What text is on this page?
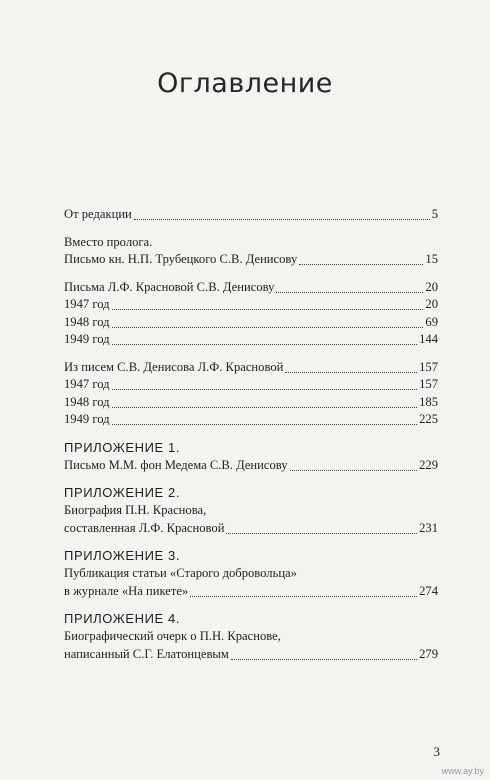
Оглавление
От редакции	5
Вместо пролога.
Письмо кн. Н.П. Трубецкого С.В. Денисову	15
Письма Л.Ф. Красновой С.В. Денисову	20
1947 год	20
1948 год	69
1949 год	144
Из писем С.В. Денисова Л.Ф. Красновой	157
1947 год	157
1948 год	185
1949 год	225
ПРИЛОЖЕНИЕ 1.
Письмо М.М. фон Медема С.В. Денисову	229
ПРИЛОЖЕНИЕ 2.
Биография П.Н. Краснова,
составленная Л.Ф. Красновой	231
ПРИЛОЖЕНИЕ 3.
Публикация статьи «Старого добровольца»
в журнале «На пикете»	274
ПРИЛОЖЕНИЕ 4.
Биографический очерк о П.Н. Краснове,
написанный С.Г. Елатонцевым	279
3
www.ay.by
